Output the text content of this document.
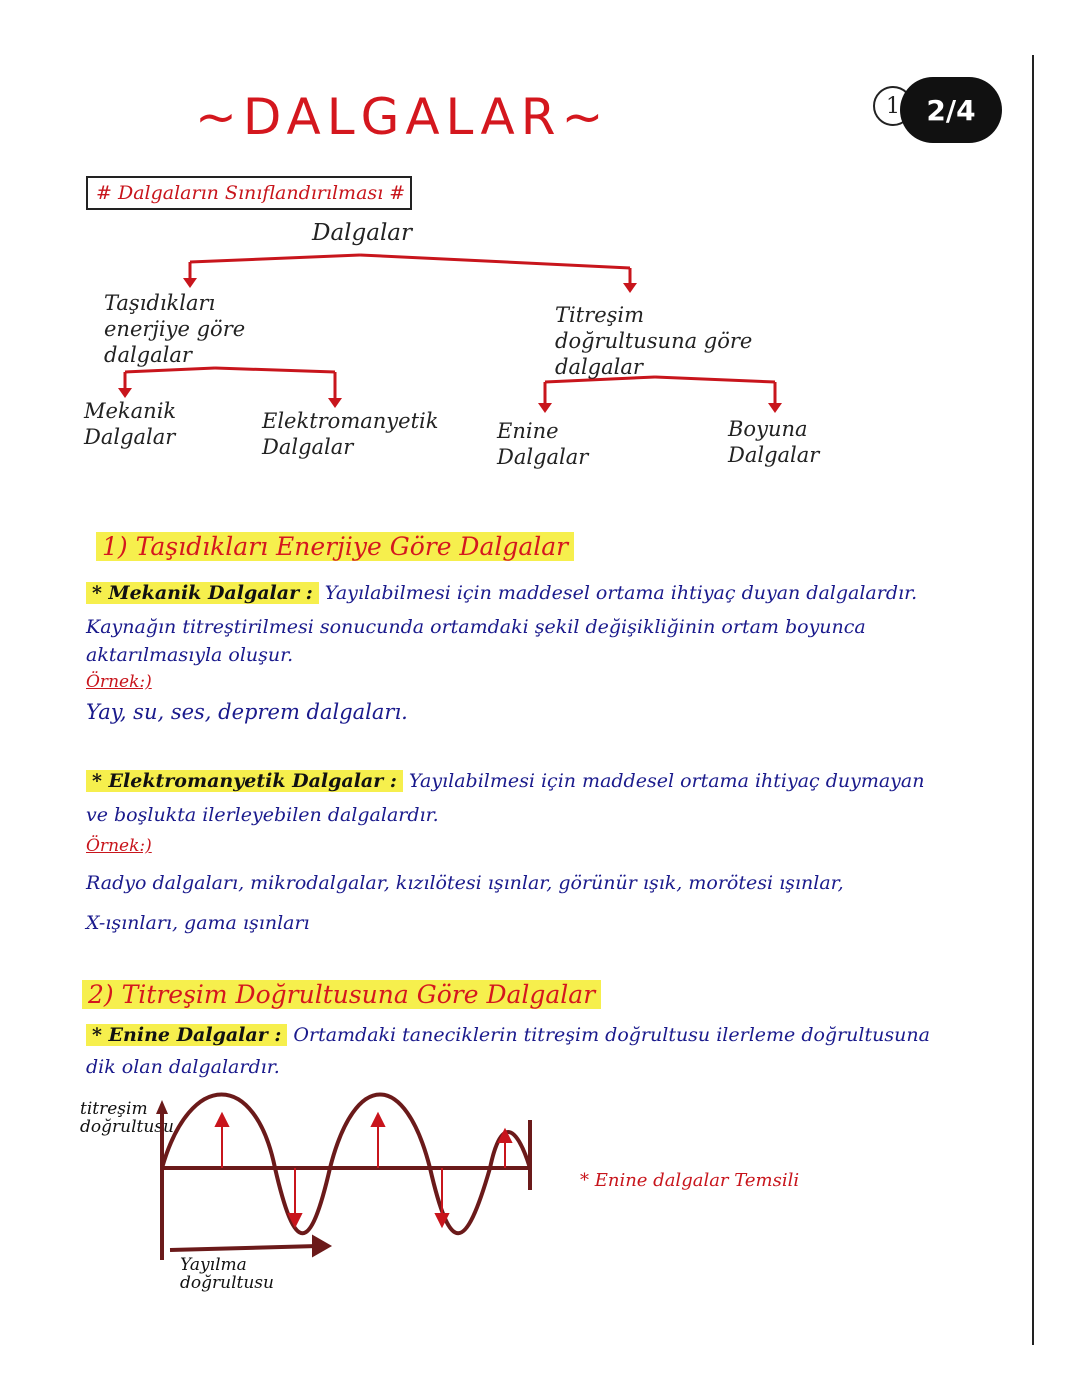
~DALGALAR~	1 2/4
# Dalgaların Sınıflandırılması #
Dalgalar
Taşıdıkları enerjiye göre dalgalar
Titreşim doğrultusuna göre dalgalar
Mekanik Dalgalar
Elektromanyetik Dalgalar
Enine Dalgalar
Boyuna Dalgalar
1) Taşıdıkları Enerjiye Göre Dalgalar
* Mekanik Dalgalar : Yayılabilmesi için maddesel ortama ihtiyaç duyan dalgalardır.
Kaynağın titreştirilmesi sonucunda ortamdaki şekil değişikliğinin ortam boyunca
aktarılmasıyla oluşur.
Örnek:)
Yay, su, ses, deprem dalgaları.
* Elektromanyetik Dalgalar : Yayılabilmesi için maddesel ortama ihtiyaç duymayan
ve boşlukta ilerleyebilen dalgalardır.
Örnek:)
Radyo dalgaları, mikrodalgalar, kızılötesi ışınlar, görünür ışık, morötesi ışınlar,
X-ışınları, gama ışınları
2) Titreşim Doğrultusuna Göre Dalgalar
* Enine Dalgalar : Ortamdaki taneciklerin titreşim doğrultusu ilerleme doğrultusuna
dik olan dalgalardır.
titreşim doğrultusu
Yayılma doğrultusu
* Enine dalgalar Temsili
